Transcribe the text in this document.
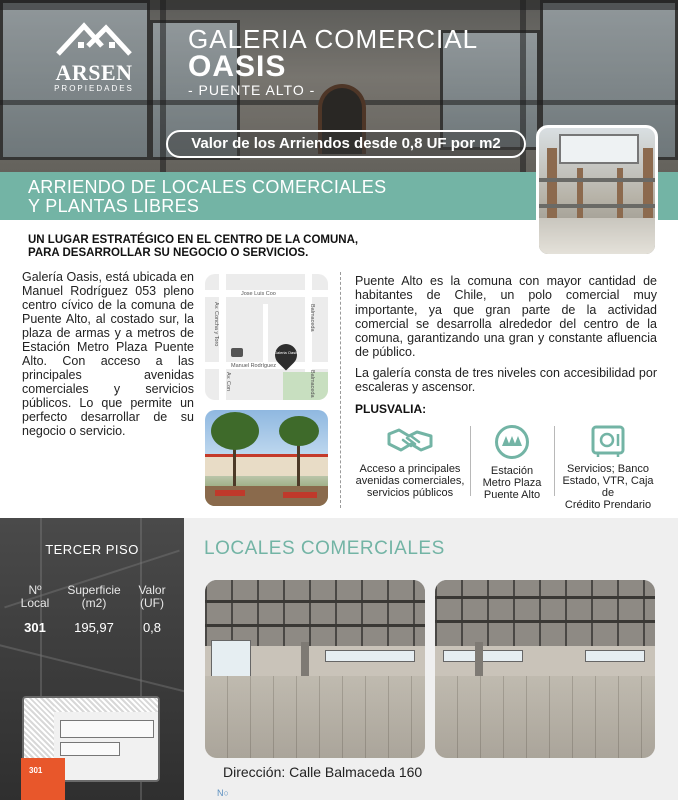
ARSEN
PROPIEDADES
GALERIA COMERCIAL
OASIS
- PUENTE ALTO -
Valor de los Arriendos desde 0,8 UF por m2
ARRIENDO DE LOCALES COMERCIALES
Y PLANTAS LIBRES
UN LUGAR ESTRATÉGICO EN EL CENTRO DE LA COMUNA,
PARA DESARROLLAR SU NEGOCIO O SERVICIOS.
Galería Oasis, está ubicada en Manuel Rodríguez 053 pleno centro cívico de la comuna de Puente Alto, al costado sur, la plaza de armas y a metros de Estación Metro Plaza Puente Alto. Con acceso a las principales avenidas comerciales y servicios públicos. Lo que permite un perfecto desarrollar de su negocio o servicio.
Jose Luis Coo
Balmaceda
Av. Concha y Toro
Manuel Rodríguez
Balmaceda
Av. Con
Galeria Oasis
Puente Alto es la comuna con mayor cantidad de habitantes de Chile, un polo comercial muy importante, ya que gran parte de la actividad comercial se desarrolla alrededor del centro de la comuna, garantizando una gran y constante afluencia de público.
La galería consta de tres niveles con accesibilidad por escaleras y ascensor.
PLUSVALIA:
Acceso a principales
avenidas comerciales,
servicios públicos
Estación
Metro Plaza
Puente Alto
Servicios; Banco
Estado, VTR, Caja de
Crédito Prendario
TERCER PISO
Nº
Local
Superficie
(m2)
Valor
(UF)
301	195,97	0,8
301
LOCALES COMERCIALES
Dirección: Calle Balmaceda 160
N○
